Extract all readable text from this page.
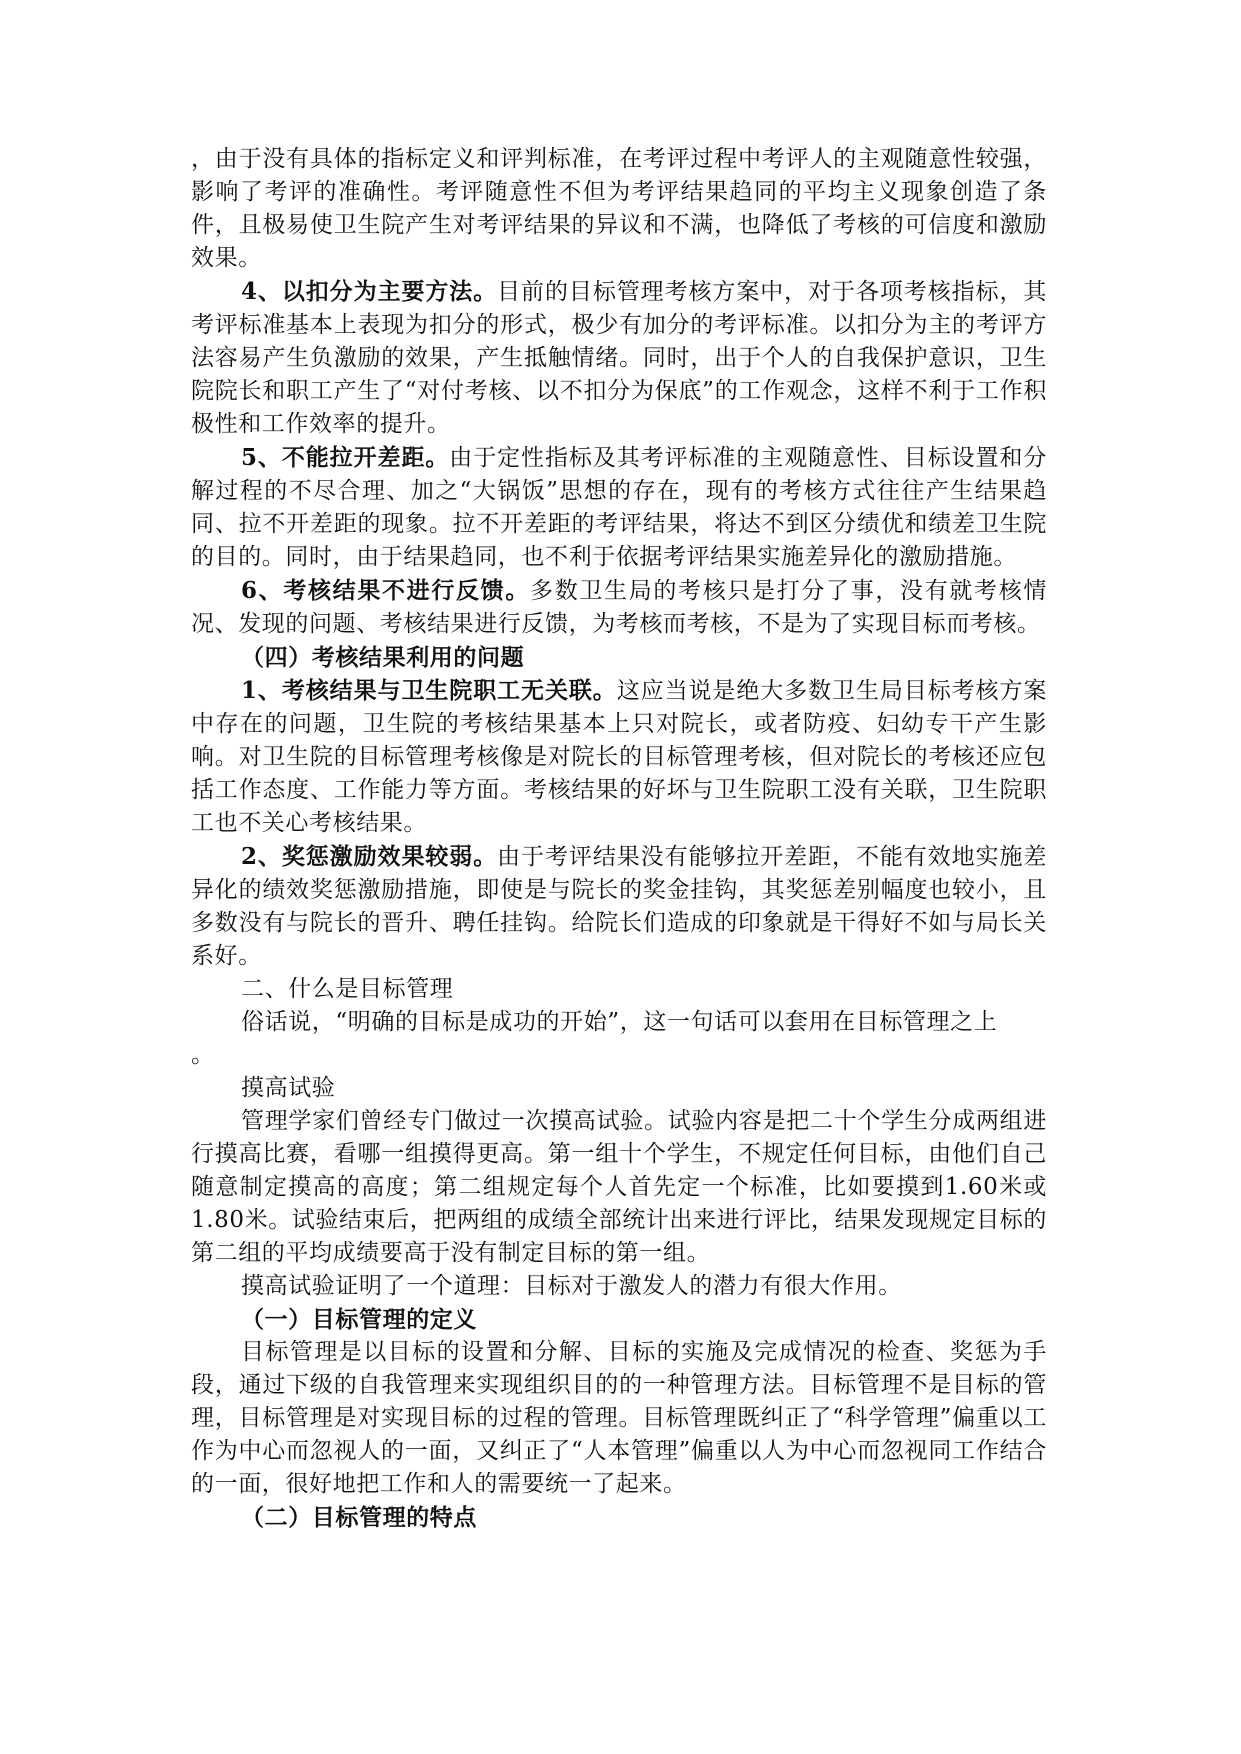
，由于没有具体的指标定义和评判标准，在考评过程中考评人的主观随意性较强，影响了考评的准确性。考评随意性不但为考评结果趋同的平均主义现象创造了条件，且极易使卫生院产生对考评结果的异议和不满，也降低了考核的可信度和激励效果。

4、以扣分为主要方法。目前的目标管理考核方案中，对于各项考核指标，其考评标准基本上表现为扣分的形式，极少有加分的考评标准。以扣分为主的考评方法容易产生负激励的效果，产生抵触情绪。同时，出于个人的自我保护意识，卫生院院长和职工产生了“对付考核、以不扣分为保底”的工作观念，这样不利于工作积极性和工作效率的提升。

5、不能拉开差距。由于定性指标及其考评标准的主观随意性、目标设置和分解过程的不尽合理、加之“大锅饭”思想的存在，现有的考核方式往往产生结果趋同、拉不开差距的现象。拉不开差距的考评结果，将达不到区分绩优和绩差卫生院的目的。同时，由于结果趋同，也不利于依据考评结果实施差异化的激励措施。

6、考核结果不进行反馈。多数卫生局的考核只是打分了事，没有就考核情况、发现的问题、考核结果进行反馈，为考核而考核，不是为了实现目标而考核。

（四）考核结果利用的问题

1、考核结果与卫生院职工无关联。这应当说是绝大多数卫生局目标考核方案中存在的问题，卫生院的考核结果基本上只对院长，或者防疫、妇幼专干产生影响。对卫生院的目标管理考核像是对院长的目标管理考核，但对院长的考核还应包括工作态度、工作能力等方面。考核结果的好坏与卫生院职工没有关联，卫生院职工也不关心考核结果。

2、奖惩激励效果较弱。由于考评结果没有能够拉开差距，不能有效地实施差异化的绩效奖惩激励措施，即使是与院长的奖金挂钩，其奖惩差别幅度也较小，且多数没有与院长的晋升、聘任挂钩。给院长们造成的印象就是干得好不如与局长关系好。

二、什么是目标管理

俗话说，“明确的目标是成功的开始”，这一句话可以套用在目标管理之上

。

摸高试验

管理学家们曾经专门做过一次摸高试验。试验内容是把二十个学生分成两组进行摸高比赛，看哪一组摸得更高。第一组十个学生，不规定任何目标，由他们自己随意制定摸高的高度；第二组规定每个人首先定一个标准，比如要摸到1.60米或1.80米。试验结束后，把两组的成绩全部统计出来进行评比，结果发现规定目标的第二组的平均成绩要高于没有制定目标的第一组。

摸高试验证明了一个道理：目标对于激发人的潜力有很大作用。

（一）目标管理的定义

目标管理是以目标的设置和分解、目标的实施及完成情况的检查、奖惩为手段，通过下级的自我管理来实现组织目的的一种管理方法。目标管理不是目标的管理，目标管理是对实现目标的过程的管理。目标管理既纠正了“科学管理”偏重以工作为中心而忽视人的一面，又纠正了“人本管理”偏重以人为中心而忽视同工作结合的一面，很好地把工作和人的需要统一了起来。

（二）目标管理的特点
